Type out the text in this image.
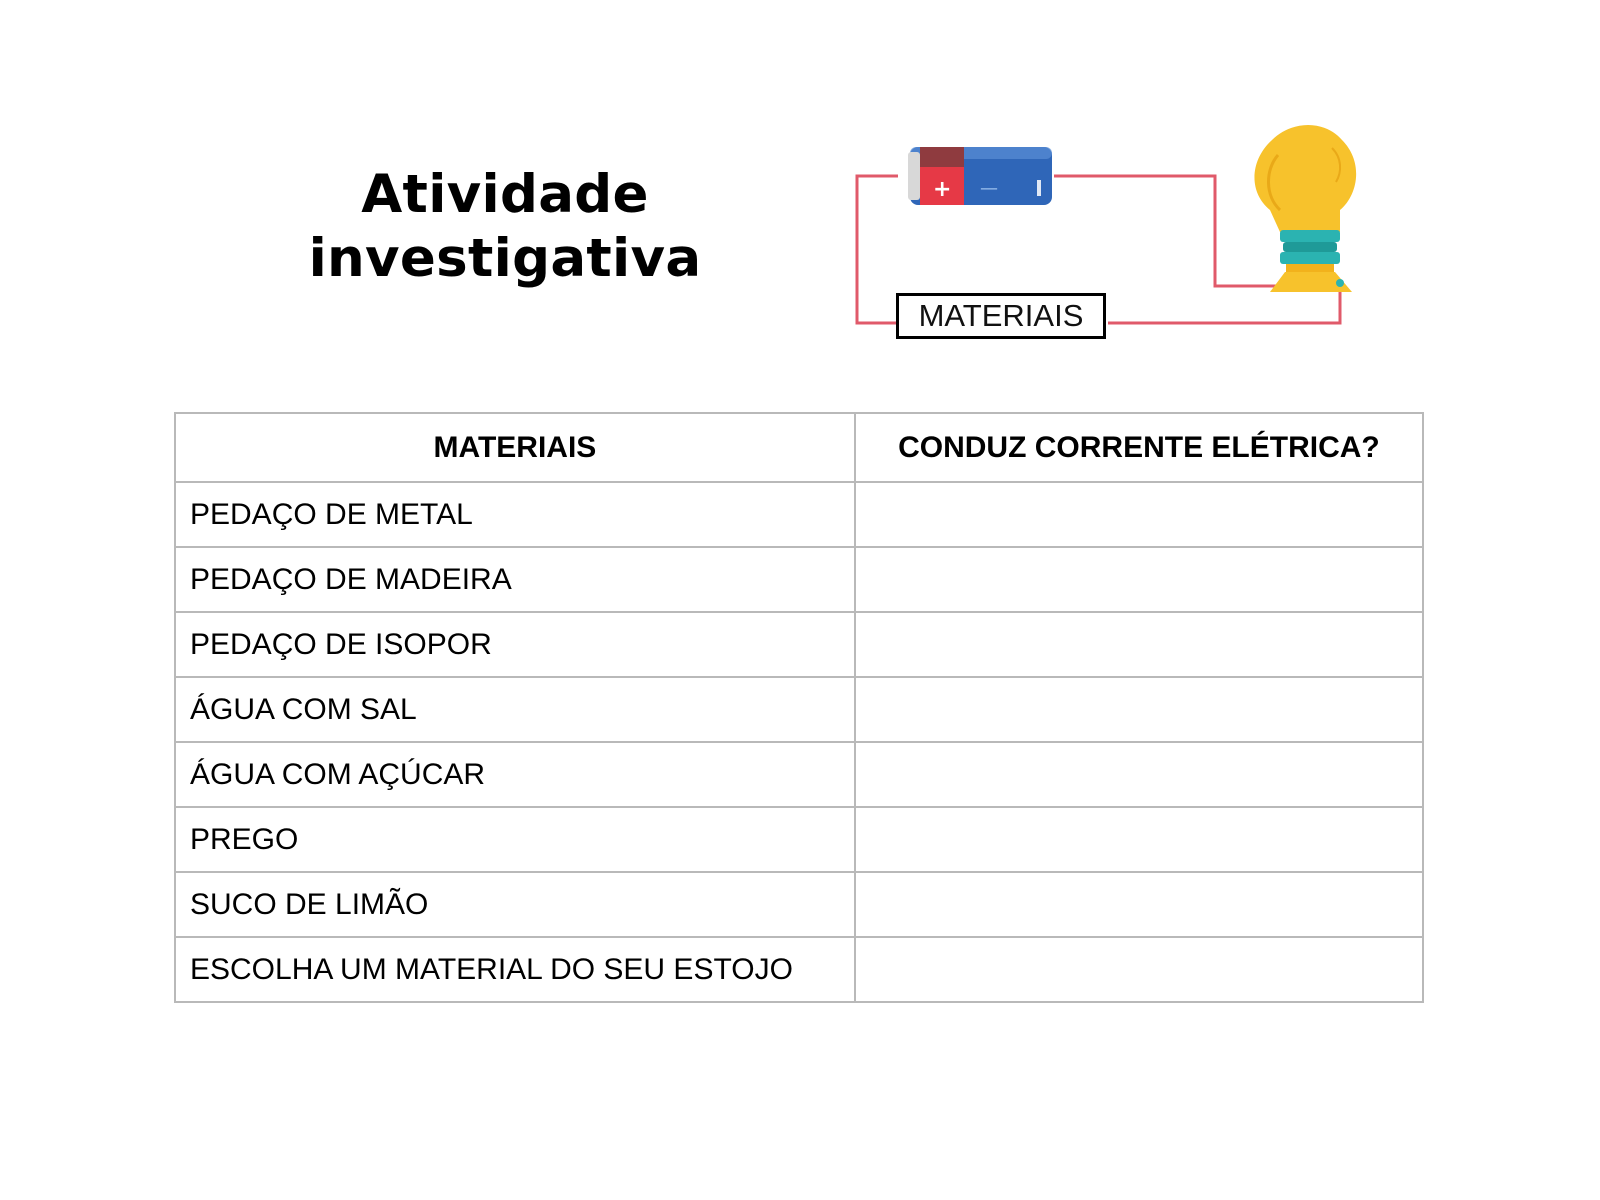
Atividade
investigativa
+ —
MATERIAIS
MATERIAIS	CONDUZ CORRENTE ELÉTRICA?
PEDAÇO DE METAL	
PEDAÇO DE MADEIRA	
PEDAÇO DE ISOPOR	
ÁGUA COM SAL	
ÁGUA COM AÇÚCAR	
PREGO	
SUCO DE LIMÃO	
ESCOLHA UM MATERIAL DO SEU ESTOJO	
